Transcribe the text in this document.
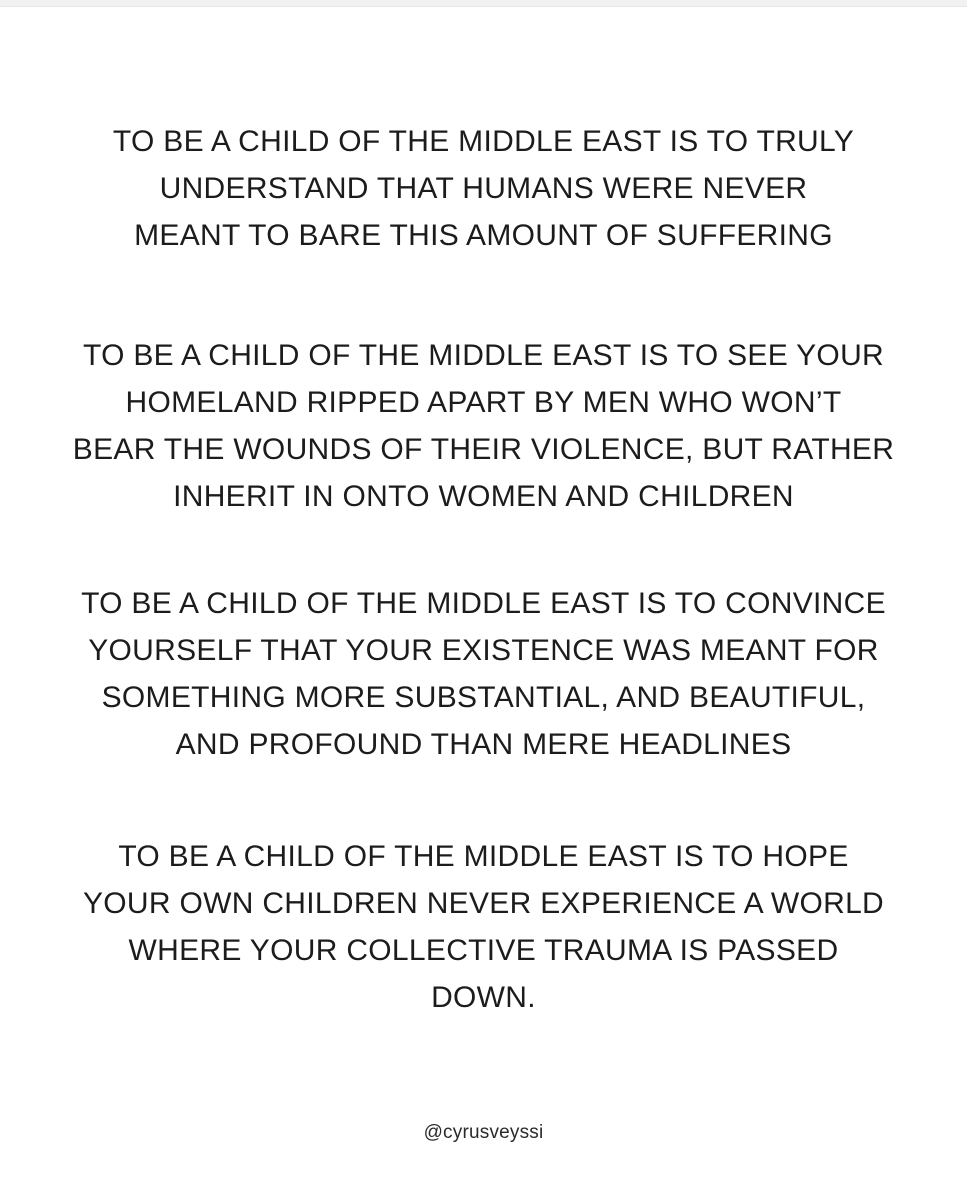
TO BE A CHILD OF THE MIDDLE EAST IS TO TRULY
UNDERSTAND THAT HUMANS WERE NEVER
MEANT TO BARE THIS AMOUNT OF SUFFERING

TO BE A CHILD OF THE MIDDLE EAST IS TO SEE YOUR
HOMELAND RIPPED APART BY MEN WHO WON’T
BEAR THE WOUNDS OF THEIR VIOLENCE, BUT RATHER
INHERIT IN ONTO WOMEN AND CHILDREN

TO BE A CHILD OF THE MIDDLE EAST IS TO CONVINCE
YOURSELF THAT YOUR EXISTENCE WAS MEANT FOR
SOMETHING MORE SUBSTANTIAL, AND BEAUTIFUL,
AND PROFOUND THAN MERE HEADLINES

TO BE A CHILD OF THE MIDDLE EAST IS TO HOPE
YOUR OWN CHILDREN NEVER EXPERIENCE A WORLD
WHERE YOUR COLLECTIVE TRAUMA IS PASSED
DOWN.

@cyrusveyssi
